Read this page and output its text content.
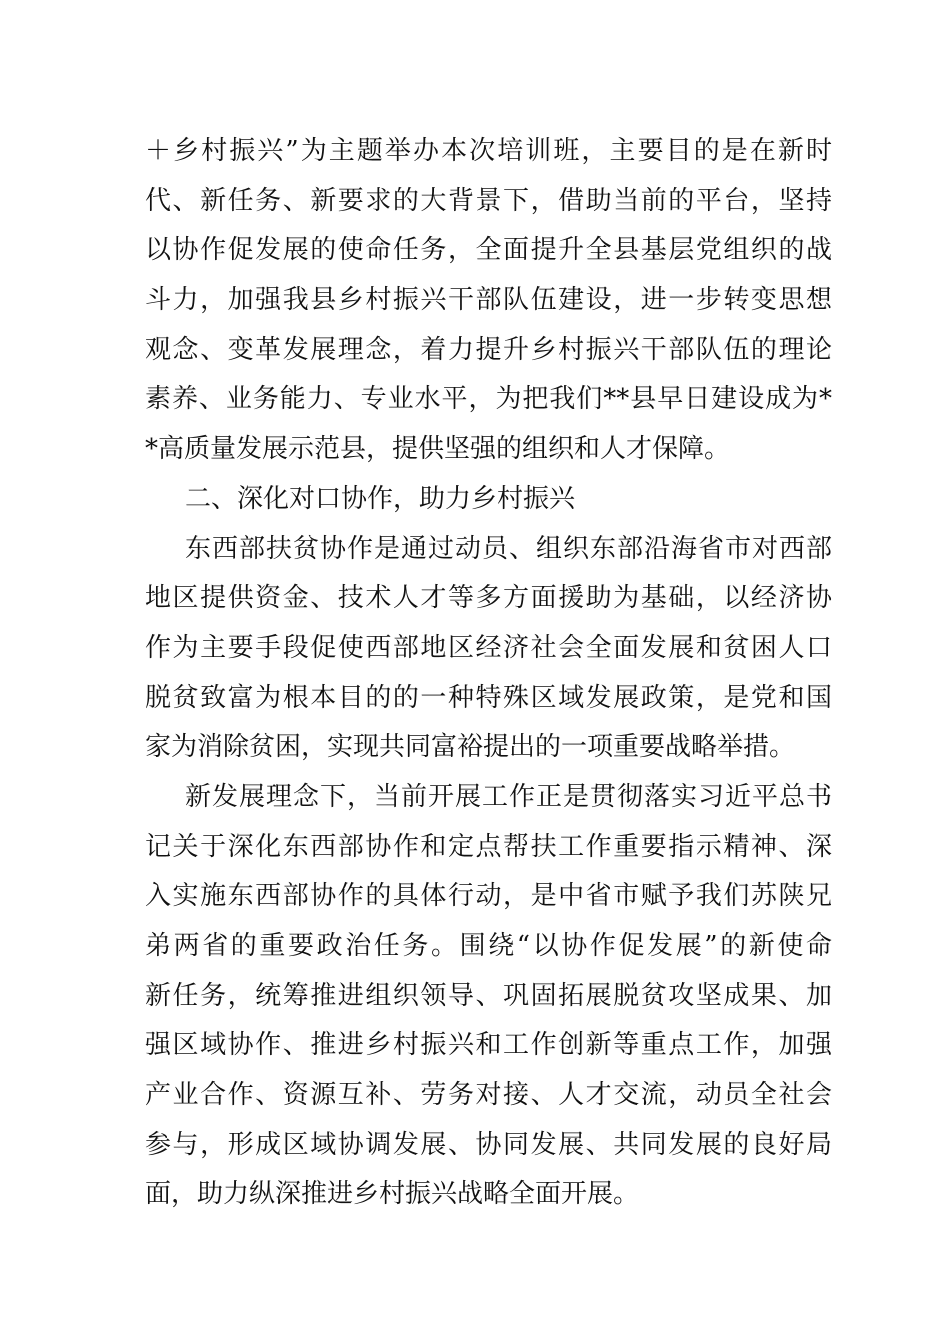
＋乡村振兴”为主题举办本次培训班，主要目的是在新时
代、新任务、新要求的大背景下，借助当前的平台，坚持
以协作促发展的使命任务，全面提升全县基层党组织的战
斗力，加强我县乡村振兴干部队伍建设，进一步转变思想
观念、变革发展理念，着力提升乡村振兴干部队伍的理论
素养、业务能力、专业水平，为把我们**县早日建设成为*
*高质量发展示范县，提供坚强的组织和人才保障。
二、深化对口协作，助力乡村振兴
东西部扶贫协作是通过动员、组织东部沿海省市对西部
地区提供资金、技术人才等多方面援助为基础，以经济协
作为主要手段促使西部地区经济社会全面发展和贫困人口
脱贫致富为根本目的的一种特殊区域发展政策，是党和国
家为消除贫困，实现共同富裕提出的一项重要战略举措。
新发展理念下，当前开展工作正是贯彻落实习近平总书
记关于深化东西部协作和定点帮扶工作重要指示精神、深
入实施东西部协作的具体行动，是中省市赋予我们苏陕兄
弟两省的重要政治任务。围绕“以协作促发展”的新使命
新任务，统筹推进组织领导、巩固拓展脱贫攻坚成果、加
强区域协作、推进乡村振兴和工作创新等重点工作，加强
产业合作、资源互补、劳务对接、人才交流，动员全社会
参与，形成区域协调发展、协同发展、共同发展的良好局
面，助力纵深推进乡村振兴战略全面开展。
